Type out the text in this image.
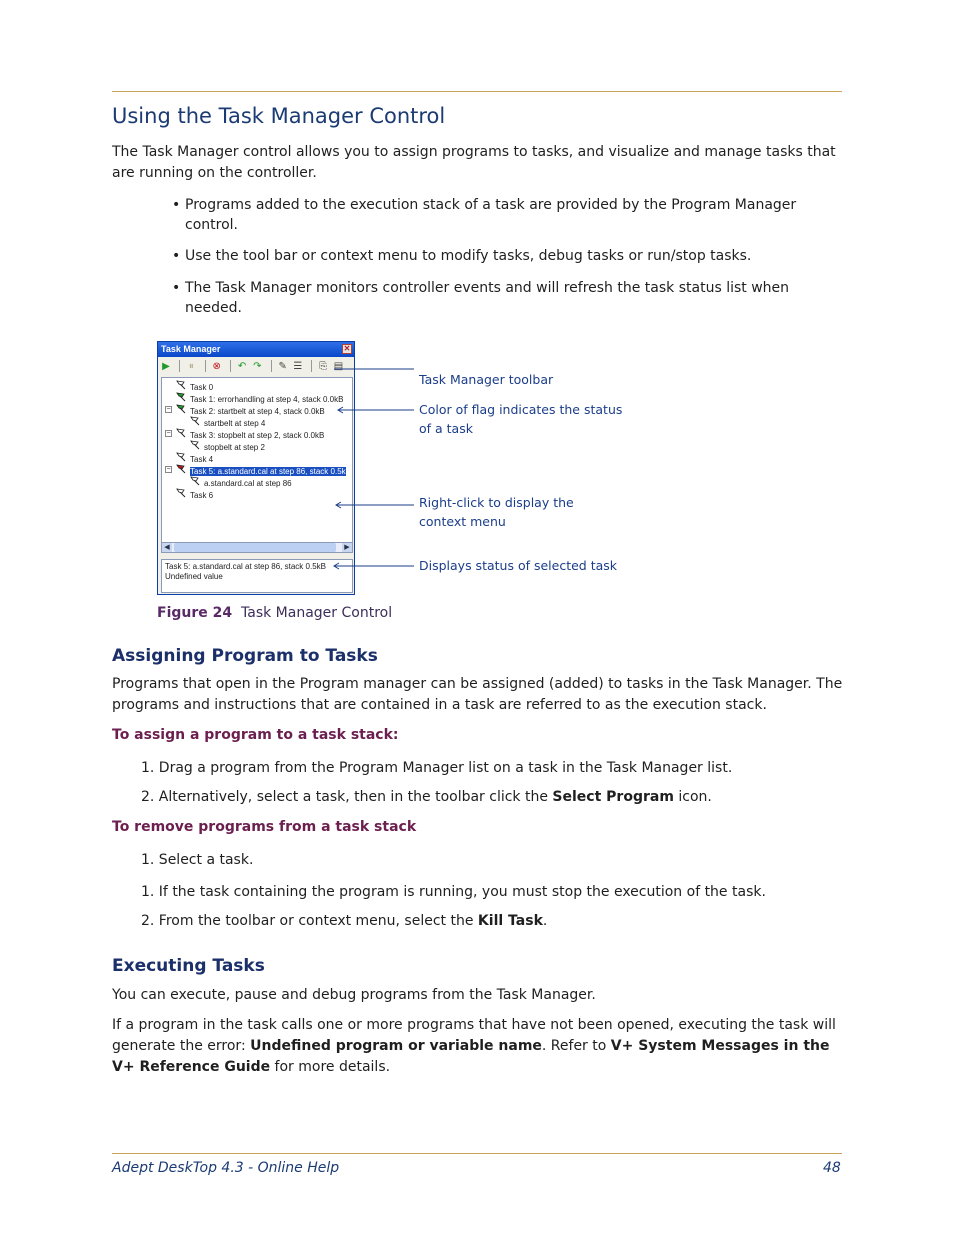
Using the Task Manager Control

The Task Manager control allows you to assign programs to tasks, and visualize and manage tasks that are running on the controller.

• Programs added to the execution stack of a task are provided by the Program Manager control.
• Use the tool bar or context menu to modify tasks, debug tasks or run/stop tasks.
• The Task Manager monitors controller events and will refresh the task status list when needed.
Task Manager	✕
▶ ⏸ ⊗ ↶ ↷ ✎ ☰ ⎘ ▤
Task 0
Task 1: errorhandling at step 4, stack 0.0kB
− Task 2: startbelt at step 4, stack 0.0kB
startbelt at step 4
− Task 3: stopbelt at step 2, stack 0.0kB
stopbelt at step 2
Task 4
− Task 5: a.standard.cal at step 86, stack 0.5k
a.standard.cal at step 86
Task 6
◀	▶
Task 5: a.standard.cal at step 86, stack 0.5kB
Undefined value
Task Manager toolbar
Color of flag indicates the status
of a task
Right-click to display the
context menu
Displays status of selected task
Figure 24 Task Manager Control
Assigning Program to Tasks

Programs that open in the Program manager can be assigned (added) to tasks in the Task Manager. The programs and instructions that are contained in a task are referred to as the execution stack.

To assign a program to a task stack:
1. Drag a program from the Program Manager list on a task in the Task Manager list.
2. Alternatively, select a task, then in the toolbar click the Select Program icon.
To remove programs from a task stack
1. Select a task.
1. If the task containing the program is running, you must stop the execution of the task.
2. From the toolbar or context menu, select the Kill Task.
Executing Tasks

You can execute, pause and debug programs from the Task Manager.

If a program in the task calls one or more programs that have not been opened, executing the task will generate the error: Undefined program or variable name. Refer to V+ System Messages in the V+ Reference Guide for more details.

Adept DeskTop 4.3 - Online Help	48
